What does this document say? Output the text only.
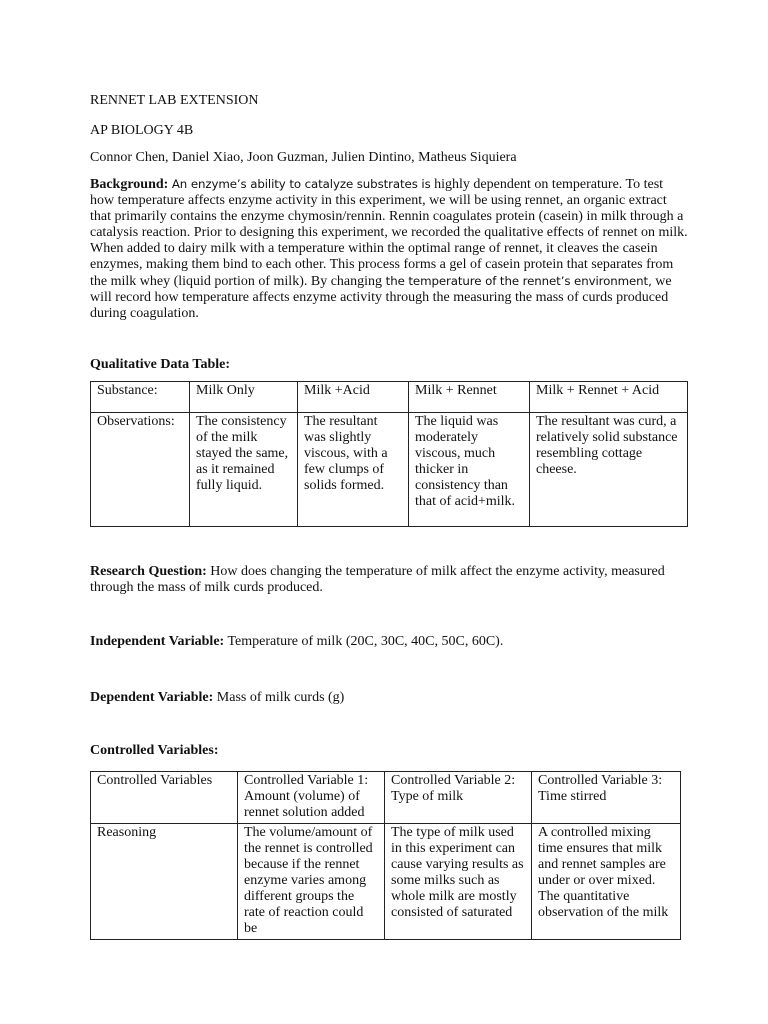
RENNET LAB EXTENSION

AP BIOLOGY 4B

Connor Chen, Daniel Xiao, Joon Guzman, Julien Dintino, Matheus Siquiera

Background: An enzyme’s ability to catalyze substrates is highly dependent on temperature. To test how temperature affects enzyme activity in this experiment, we will be using rennet, an organic extract that primarily contains the enzyme chymosin/rennin. Rennin coagulates protein (casein) in milk through a catalysis reaction. Prior to designing this experiment, we recorded the qualitative effects of rennet on milk. When added to dairy milk with a temperature within the optimal range of rennet, it cleaves the casein enzymes, making them bind to each other. This process forms a gel of casein protein that separates from the milk whey (liquid portion of milk). By changing the temperature of the rennet’s environment, we will record how temperature affects enzyme activity through the measuring the mass of curds produced during coagulation.

Qualitative Data Table:

Substance:	Milk Only	Milk +Acid	Milk + Rennet	Milk + Rennet + Acid
Observations:	The consistency of the milk stayed the same, as it remained fully liquid.	The resultant was slightly viscous, with a few clumps of solids formed.	The liquid was moderately viscous, much thicker in consistency than that of acid+milk.	The resultant was curd, a relatively solid substance resembling cottage cheese.

Research Question: How does changing the temperature of milk affect the enzyme activity, measured through the mass of milk curds produced.

Independent Variable: Temperature of milk (20C, 30C, 40C, 50C, 60C).

Dependent Variable: Mass of milk curds (g)

Controlled Variables:

Controlled Variables	Controlled Variable 1: Amount (volume) of rennet solution added	Controlled Variable 2: Type of milk	Controlled Variable 3: Time stirred
Reasoning	The volume/amount of the rennet is controlled because if the rennet enzyme varies among different groups the rate of reaction could be	The type of milk used in this experiment can cause varying results as some milks such as whole milk are mostly consisted of saturated	A controlled mixing time ensures that milk and rennet samples are under or over mixed. The quantitative observation of the milk
